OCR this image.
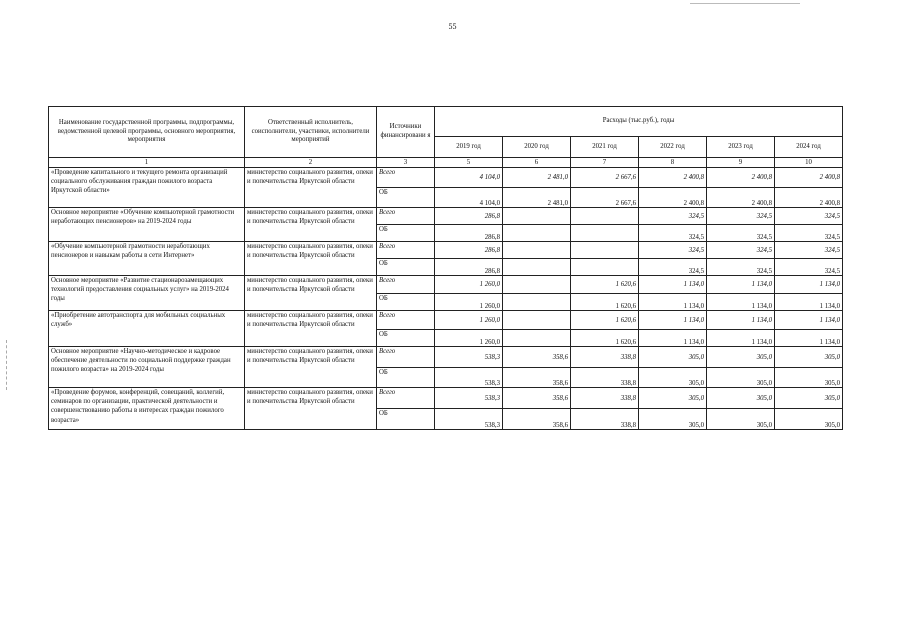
55
Наименование государственной программы, подпрограммы, ведомственной целевой программы, основного мероприятия, мероприятия	Ответственный исполнитель, соисполнители, участники, исполнители мероприятий	Источники финансировани я	Расходы (тыс.руб.), годы					
			2019 год	2020 год	2021 год	2022 год	2023 год	2024 год
1	2	3	5	6	7	8	9	10
«Проведение капитального и текущего ремонта организаций социального обслуживания граждан пожилого возраста Иркутской области»	министерство социального развития, опеки и попечительства Иркутской области	Всего	4 104,0	2 481,0	2 667,6	2 400,8	2 400,8	2 400,8
		ОБ	4 104,0	2 481,0	2 667,6	2 400,8	2 400,8	2 400,8
Основное мероприятие «Обучение компьютерной грамотности неработающих пенсионеров» на 2019-2024 годы	министерство социального развития, опеки и попечительства Иркутской области	Всего	286,8			324,5	324,5	324,5
		ОБ	286,8			324,5	324,5	324,5
«Обучение компьютерной грамотности неработающих пенсионеров и навыкам работы в сети Интернет»	министерство социального развития, опеки и попечительства Иркутской области	Всего	286,8			324,5	324,5	324,5
		ОБ	286,8			324,5	324,5	324,5
Основное мероприятие «Развитие стационарозамещающих технологий предоставления социальных услуг» на 2019-2024 годы	министерство социального развития, опеки и попечительства Иркутской области	Всего	1 260,0		1 620,6	1 134,0	1 134,0	1 134,0
		ОБ	1 260,0		1 620,6	1 134,0	1 134,0	1 134,0
«Приобретение автотранспорта для мобильных социальных служб»	министерство социального развития, опеки и попечительства Иркутской области	Всего	1 260,0		1 620,6	1 134,0	1 134,0	1 134,0
		ОБ	1 260,0		1 620,6	1 134,0	1 134,0	1 134,0
Основное мероприятие «Научно-методическое и кадровое обеспечение деятельности по социальной поддержке граждан пожилого возраста» на 2019-2024 годы	министерство социального развития, опеки и попечительства Иркутской области	Всего	538,3	358,6	338,8	305,0	305,0	305,0
		ОБ	538,3	358,6	338,8	305,0	305,0	305,0
«Проведение форумов, конференций, совещаний, коллегий, семинаров по организации, практической деятельности и совершенствованию работы в интересах граждан пожилого возраста»	министерство социального развития, опеки и попечительства Иркутской области	Всего	538,3	358,6	338,8	305,0	305,0	305,0
		ОБ	538,3	358,6	338,8	305,0	305,0	305,0
